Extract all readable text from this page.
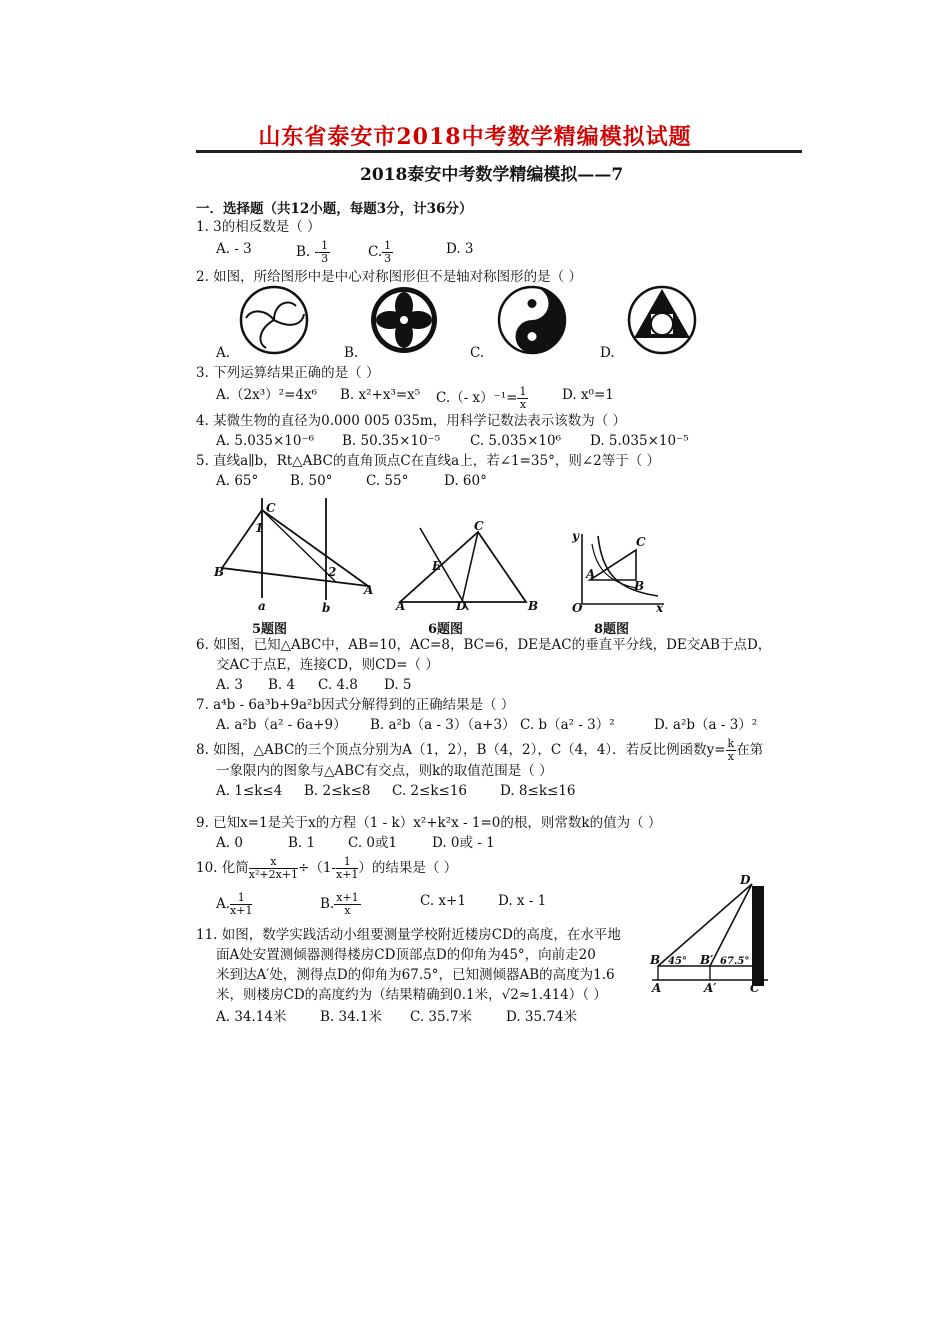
山东省泰安市2018中考数学精编模拟试题
2018泰安中考数学精编模拟——7
一．选择题（共12小题，每题3分，计36分）
1. 3的相反数是（ ）
A. - 3	B. - $\frac{1}{3}$	C. $\frac{1}{3}$	D. 3
2. 如图，所给图形中是中心对称图形但不是轴对称图形的是（ ）
A.	B.	C.	D.
3. 下列运算结果正确的是（ ）
A.（2x³）²=4x⁶ B. x²+x³=x⁵ C.（- $x)^{-1}= \frac{1}{x} D$. x⁰=1
4. 某微生物的直径为0.000 005 035m，用科学记数法表示该数为（ ）
A. 5.035×10⁻⁶ B. 50.35×10⁻⁵ C. 5.035×10⁶ D. 5.035×10⁻⁵
5. 直线a∥b，Rt△ABC的直角顶点C在直线a上，若∠1=35°，则∠2等于（ ）
A. 65° B. 50° C. 55°	D. 60°
C
B
A
a	b
1
2
5题图
C
E
A	D	B
6题图
y
x
O
A
B
C
8题图
6. 如图，已知△ABC中，AB=10，AC=8，BC=6，DE是AC的垂直平分线，DE交AB于点D，
交AC于点E，连接CD，则CD=（ ）
A. 3 B. 4 C. 4.8 D. 5
7. a⁴b - 6a³b+9a²b因式分解得到的正确结果是（ ）
A. a²b（a² - 6a+9） B. a²b（a - 3）（a+3） C. b（a² - 3）²	D. a²b（a - 3）²
8. 如图，△ABC的三个顶点分别为A（1，2），B（4，2），C（4，4）．若反比例函数$y= \frac{k}{x}$ 在第
一象限内的图象与△ABC有交点，则k的取值范围是（ ）
A. 1≤k≤4 B. 2≤k≤8 C. 2≤k≤16 D. 8≤k≤16
9. 已知x=1是关于x的方程（1 - k）x²+k²x - 1=0的根，则常数k的值为（ ）
A. 0	B. 1 C. 0或1	D. 0或 - 1
10. 化简 $\frac{x}{\text{x²+2x+1}} \div(1- \frac{1}{x+1}$ ）的结果是（ ）
A. $\frac{1}{x+1}$	B. $\frac{x+1}{x}$	C. x+1 D. x - 1
11. 如图，数学实践活动小组要测量学校附近楼房CD的高度，在水平地
面A处安置测倾器测得楼房CD顶部点D的仰角为45°，向前走20
米到达A′处，测得点D的仰角为67.5°，已知测倾器AB的高度为1.6
米，则楼房CD的高度约为（结果精确到0.1米，√2≈1.414）（ ）
A. 34.14米 B. 34.1米 C. 35.7米	D. 35.74米
D
B 45° B′ 67.5°
A	A′	C
